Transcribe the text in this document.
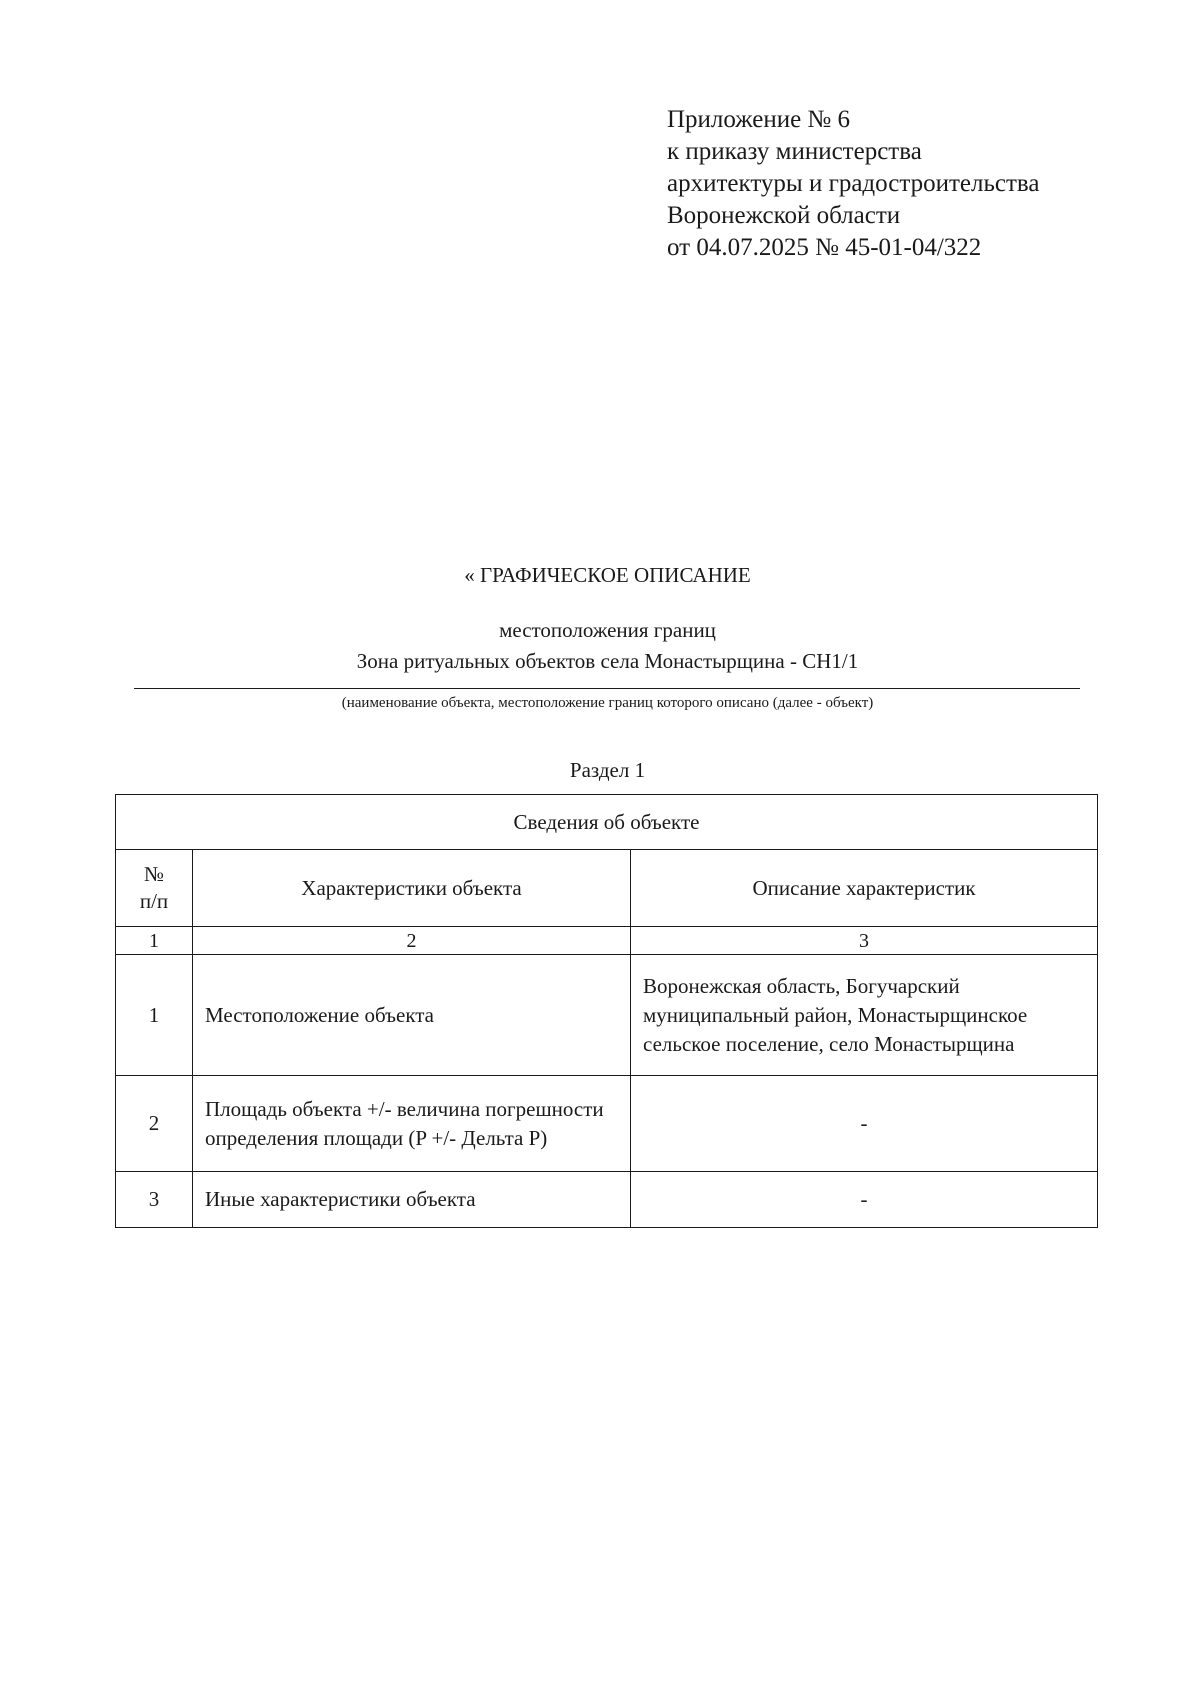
Приложение № 6
к приказу министерства
архитектуры и градостроительства
Воронежской области
от 04.07.2025 № 45-01-04/322
« ГРАФИЧЕСКОЕ ОПИСАНИЕ
местоположения границ
Зона ритуальных объектов села Монастырщина - СН1/1
(наименование объекта, местоположение границ которого описано (далее - объект)
Раздел 1
Сведения об объекте		

№
п/п	Характеристики объекта	Описание характеристик
1	2	3
1	Местоположение объекта	Воронежская область, Богучарский муниципальный район, Монастырщинское сельское поселение, село Монастырщина
2	Площадь объекта +/- величина погрешности определения площади (P +/- Дельта P)	-
3	Иные характеристики объекта	-
